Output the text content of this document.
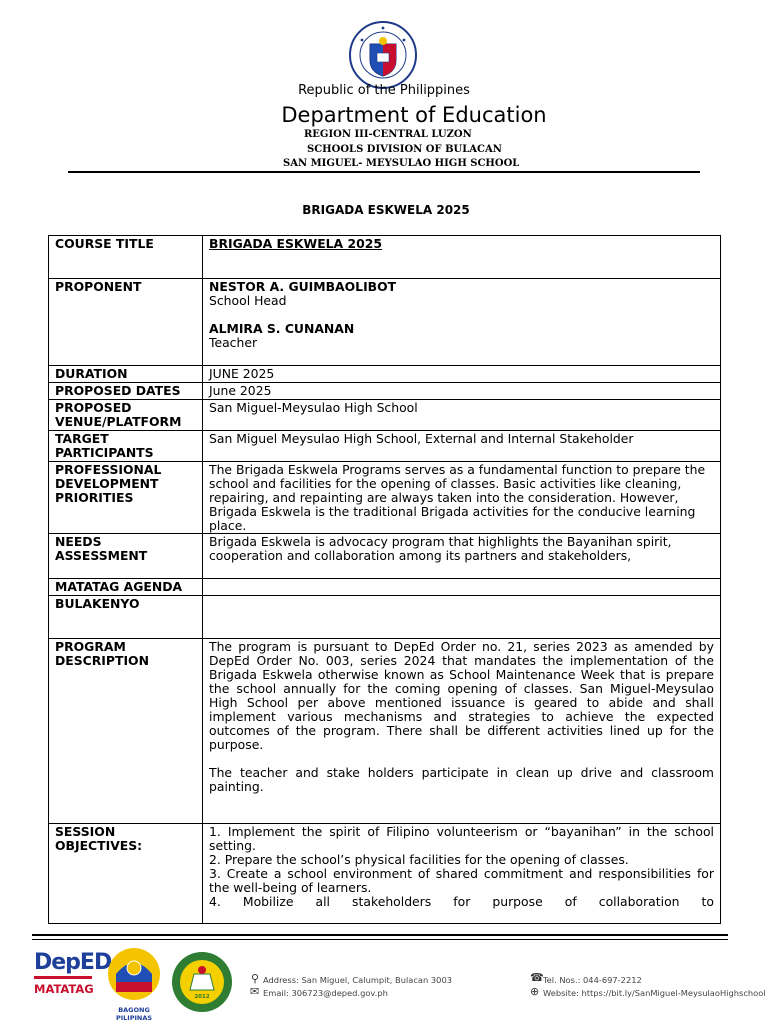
Republic of the Philippines
Department of Education
REGION III-CENTRAL LUZON
SCHOOLS DIVISION OF BULACAN
SAN MIGUEL- MEYSULAO HIGH SCHOOL
BRIGADA ESKWELA 2025
COURSE TITLE	BRIGADA ESKWELA 2025
PROPONENT	NESTOR A. GUIMBAOLIBOT
School Head
ALMIRA S. CUNANAN
Teacher

DURATION	JUNE 2025
PROPOSED DATES	June 2025
PROPOSED VENUE/PLATFORM	San Miguel-Meysulao High School
TARGET PARTICIPANTS	San Miguel Meysulao High School, External and Internal Stakeholder
PROFESSIONAL DEVELOPMENT PRIORITIES	The Brigada Eskwela Programs serves as a fundamental function to prepare the school and facilities for the opening of classes. Basic activities like cleaning, repairing, and repainting are always taken into the consideration. However, Brigada Eskwela is the traditional Brigada activities for the conducive learning place.
NEEDS ASSESSMENT	Brigada Eskwela is advocacy program that highlights the Bayanihan spirit, cooperation and collaboration among its partners and stakeholders,
MATATAG AGENDA	
BULAKENYO	
PROGRAM DESCRIPTION	The program is pursuant to DepEd Order no. 21, series 2023 as amended by DepEd Order No. 003, series 2024 that mandates the implementation of the Brigada Eskwela otherwise known as School Maintenance Week that is prepare the school annually for the coming opening of classes. San Miguel-Meysulao High School per above mentioned issuance is geared to abide and shall implement various mechanisms and strategies to achieve the expected outcomes of the program. There shall be different activities lined up for the purpose.
The teacher and stake holders participate in clean up drive and classroom painting.

SESSION OBJECTIVES:	1. Implement the spirit of Filipino volunteerism or “bayanihan” in the school setting.
2. Prepare the school’s physical facilities for the opening of classes.
3. Create a school environment of shared commitment and responsibilities for the well-being of learners.
4. Mobilize all stakeholders for purpose of collaboration to
DepED
MATATAG
BAGONG PILIPINAS
2012
⚲ Address: San Miguel, Calumpit, Bulacan 3003
✉ Email: 306723@deped.gov.ph
☎ Tel. Nos.: 044-697-2212
⊕ Website: https://bit.ly/SanMiguel-MeysulaoHighschool
